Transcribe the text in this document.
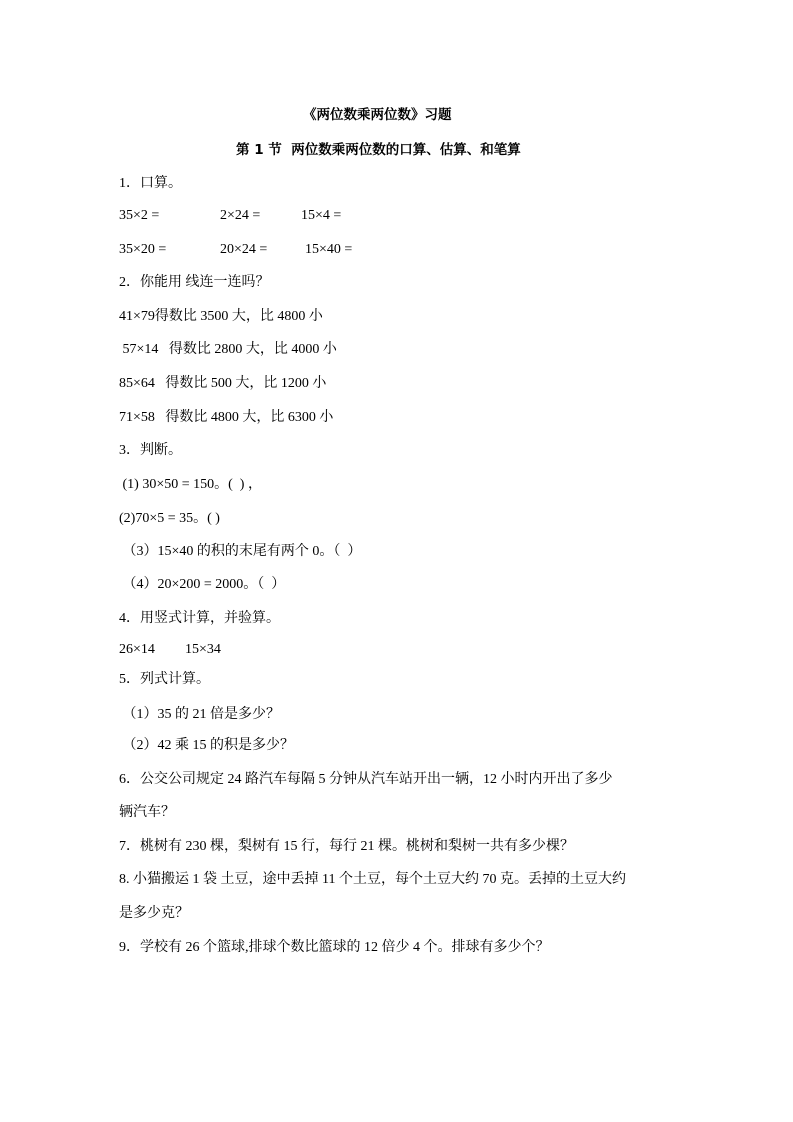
《两位数乘两位数》习题
第 1 节  两位数乘两位数的口算、估算、和笔算
1．口算。
35×2 =	2×24 =	15×4 =
35×20 =	20×24 =	15×40 =
2．你能用 线连一连吗？
41×79得数比 3500 大，比 4800 小
57×14   得数比 2800 大，比 4000 小
85×64   得数比 500 大，比 1200 小
71×58   得数比 4800 大，比 6300 小
3．判断。
(1) 30×50 = 150。(  ) ，
(2)70×5 = 35。( )
（3）15×40 的积的末尾有两个 0。（  ）
（4）20×200 = 2000。（  ）
4．用竖式计算，并验算。
26×14 15×34
5．列式计算。
（1）35 的 21 倍是多少？
（2）42 乘 15 的积是多少？
6．公交公司规定 24 路汽车每隔 5 分钟从汽车站开出一辆，12 小时内开出了多少
辆汽车？
7．桃树有 230 棵，梨树有 15 行，每行 21 棵。桃树和梨树一共有多少棵？
8. 小猫搬运 1 袋 土豆，途中丢掉 11 个土豆，每个土豆大约 70 克。丢掉的土豆大约
是多少克？
9．学校有 26 个篮球,排球个数比篮球的 12 倍少 4 个。排球有多少个？
